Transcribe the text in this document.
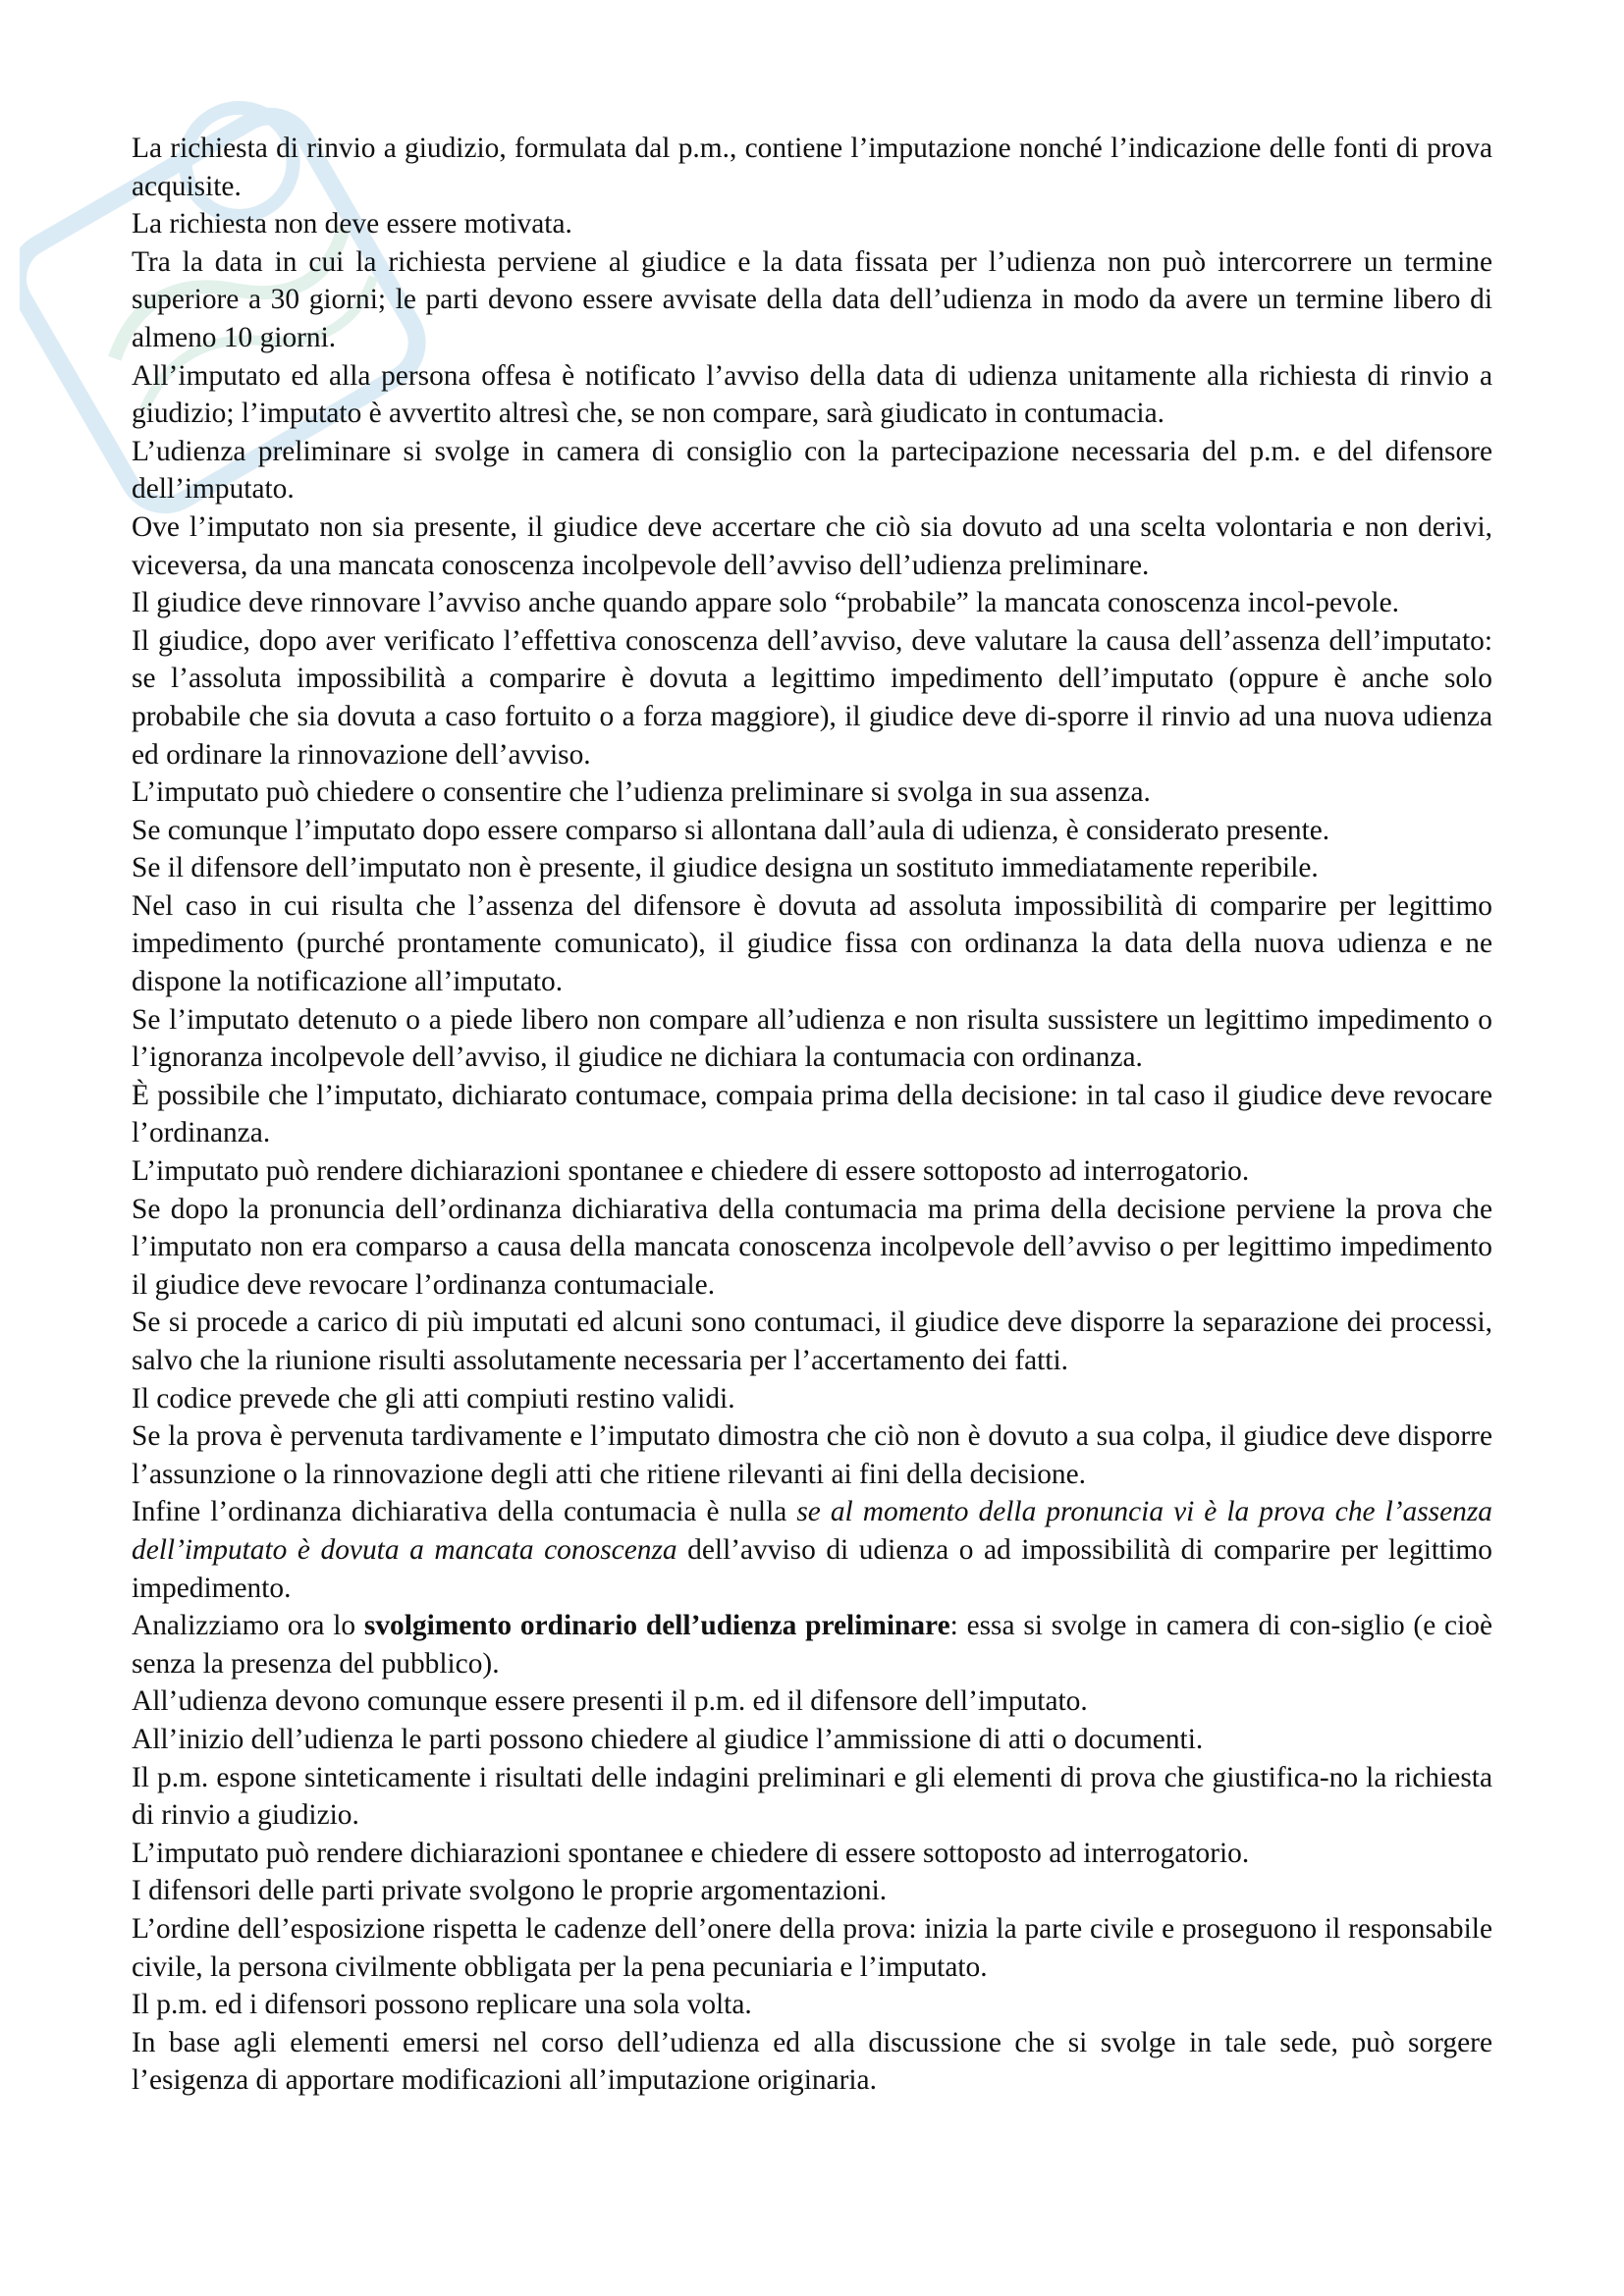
La richiesta di rinvio a giudizio, formulata dal p.m., contiene l’imputazione nonché l’indicazione delle fonti di prova acquisite.

La richiesta non deve essere motivata.

Tra la data in cui la richiesta perviene al giudice e la data fissata per l’udienza non può intercorrere un termine superiore a 30 giorni; le parti devono essere avvisate della data dell’udienza in modo da avere un termine libero di almeno 10 giorni.

All’imputato ed alla persona offesa è notificato l’avviso della data di udienza unitamente alla richiesta di rinvio a giudizio; l’imputato è avvertito altresì che, se non compare, sarà giudicato in contumacia.

L’udienza preliminare si svolge in camera di consiglio con la partecipazione necessaria del p.m. e del difensore dell’imputato.

Ove l’imputato non sia presente, il giudice deve accertare che ciò sia dovuto ad una scelta volontaria e non derivi, viceversa, da una mancata conoscenza incolpevole dell’avviso dell’udienza preliminare.

Il giudice deve rinnovare l’avviso anche quando appare solo “probabile” la mancata conoscenza incol-pevole.

Il giudice, dopo aver verificato l’effettiva conoscenza dell’avviso, deve valutare la causa dell’assenza dell’imputato: se l’assoluta impossibilità a comparire è dovuta a legittimo impedimento dell’imputato (oppure è anche solo probabile che sia dovuta a caso fortuito o a forza maggiore), il giudice deve di-sporre il rinvio ad una nuova udienza ed ordinare la rinnovazione dell’avviso.

L’imputato può chiedere o consentire che l’udienza preliminare si svolga in sua assenza.

Se comunque l’imputato dopo essere comparso si allontana dall’aula di udienza, è considerato presente.

Se il difensore dell’imputato non è presente, il giudice designa un sostituto immediatamente reperibile.

Nel caso in cui risulta che l’assenza del difensore è dovuta ad assoluta impossibilità di comparire per legittimo impedimento (purché prontamente comunicato), il giudice fissa con ordinanza la data della nuova udienza e ne dispone la notificazione all’imputato.

Se l’imputato detenuto o a piede libero non compare all’udienza e non risulta sussistere un legittimo impedimento o l’ignoranza incolpevole dell’avviso, il giudice ne dichiara la contumacia con ordinanza.

È possibile che l’imputato, dichiarato contumace, compaia prima della decisione: in tal caso il giudice deve revocare l’ordinanza.

L’imputato può rendere dichiarazioni spontanee e chiedere di essere sottoposto ad interrogatorio.

Se dopo la pronuncia dell’ordinanza dichiarativa della contumacia ma prima della decisione perviene la prova che l’imputato non era comparso a causa della mancata conoscenza incolpevole dell’avviso o per legittimo impedimento il giudice deve revocare l’ordinanza contumaciale.

Se si procede a carico di più imputati ed alcuni sono contumaci, il giudice deve disporre la separazione dei processi, salvo che la riunione risulti assolutamente necessaria per l’accertamento dei fatti.

Il codice prevede che gli atti compiuti restino validi.

Se la prova è pervenuta tardivamente e l’imputato dimostra che ciò non è dovuto a sua colpa, il giudice deve disporre l’assunzione o la rinnovazione degli atti che ritiene rilevanti ai fini della decisione.

Infine l’ordinanza dichiarativa della contumacia è nulla se al momento della pronuncia vi è la prova che l’assenza dell’imputato è dovuta a mancata conoscenza dell’avviso di udienza o ad impossibilità di comparire per legittimo impedimento.

Analizziamo ora lo svolgimento ordinario dell’udienza preliminare: essa si svolge in camera di con-siglio (e cioè senza la presenza del pubblico).

All’udienza devono comunque essere presenti il p.m. ed il difensore dell’imputato.

All’inizio dell’udienza le parti possono chiedere al giudice l’ammissione di atti o documenti.

Il p.m. espone sinteticamente i risultati delle indagini preliminari e gli elementi di prova che giustifica-no la richiesta di rinvio a giudizio.

L’imputato può rendere dichiarazioni spontanee e chiedere di essere sottoposto ad interrogatorio.

I difensori delle parti private svolgono le proprie argomentazioni.

L’ordine dell’esposizione rispetta le cadenze dell’onere della prova: inizia la parte civile e proseguono il responsabile civile, la persona civilmente obbligata per la pena pecuniaria e l’imputato.

Il p.m. ed i difensori possono replicare una sola volta.

In base agli elementi emersi nel corso dell’udienza ed alla discussione che si svolge in tale sede, può sorgere l’esigenza di apportare modificazioni all’imputazione originaria.
